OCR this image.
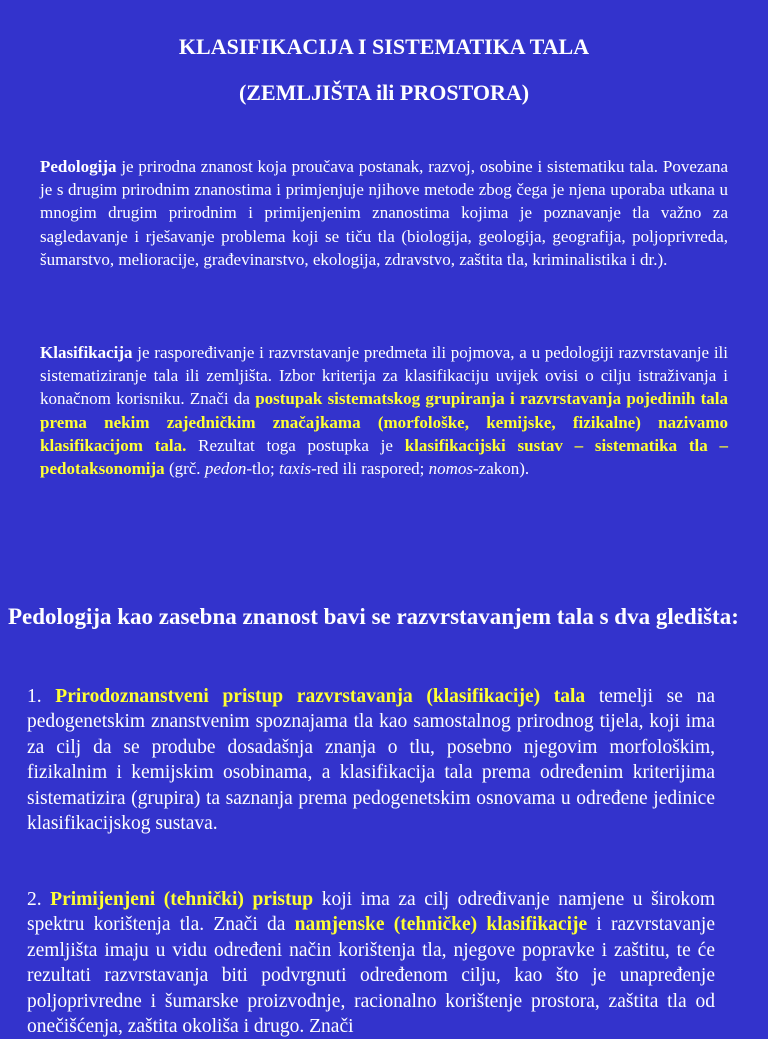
KLASIFIKACIJA I SISTEMATIKA TALA
(ZEMLJIŠTA ili PROSTORA)

Pedologija je prirodna znanost koja proučava postanak, razvoj, osobine i sistematiku tala. Povezana je s drugim prirodnim znanostima i primjenjuje njihove metode zbog čega je njena uporaba utkana u mnogim drugim prirodnim i primijenjenim znanostima kojima je poznavanje tla važno za sagledavanje i rješavanje problema koji se tiču tla (biologija, geologija, geografija, poljoprivreda, šumarstvo, melioracije, građevinarstvo, ekologija, zdravstvo, zaštita tla, kriminalistika i dr.).

Klasifikacija je raspoređivanje i razvrstavanje predmeta ili pojmova, a u pedologiji razvrstavanje ili sistematiziranje tala ili zemljišta. Izbor kriterija za klasifikaciju uvijek ovisi o cilju istraživanja i konačnom korisniku. Znači da postupak sistematskog grupiranja i razvrstavanja pojedinih tala prema nekim zajedničkim značajkama (morfološke, kemijske, fizikalne) nazivamo klasifikacijom tala. Rezultat toga postupka je klasifikacijski sustav – sistematika tla – pedotaksonomija (grč. pedon-tlo; taxis-red ili raspored; nomos-zakon).

Pedologija kao zasebna znanost bavi se razvrstavanjem tala s dva gledišta:

1. Prirodoznanstveni pristup razvrstavanja (klasifikacije) tala temelji se na pedogenetskim znanstvenim spoznajama tla kao samostalnog prirodnog tijela, koji ima za cilj da se prodube dosadašnja znanja o tlu, posebno njegovim morfološkim, fizikalnim i kemijskim osobinama, a klasifikacija tala prema određenim kriterijima sistematizira (grupira) ta saznanja prema pedogenetskim osnovama u određene jedinice klasifikacijskog sustava.

2. Primijenjeni (tehnički) pristup koji ima za cilj određivanje namjene u širokom spektru korištenja tla. Znači da namjenske (tehničke) klasifikacije i razvrstavanje zemljišta imaju u vidu određeni način korištenja tla, njegove popravke i zaštitu, te će rezultati razvrstavanja biti podvrgnuti određenom cilju, kao što je unapređenje poljoprivredne i šumarske proizvodnje, racionalno korištenje prostora, zaštita tla od onečišćenja, zaštita okoliša i drugo. Znači
